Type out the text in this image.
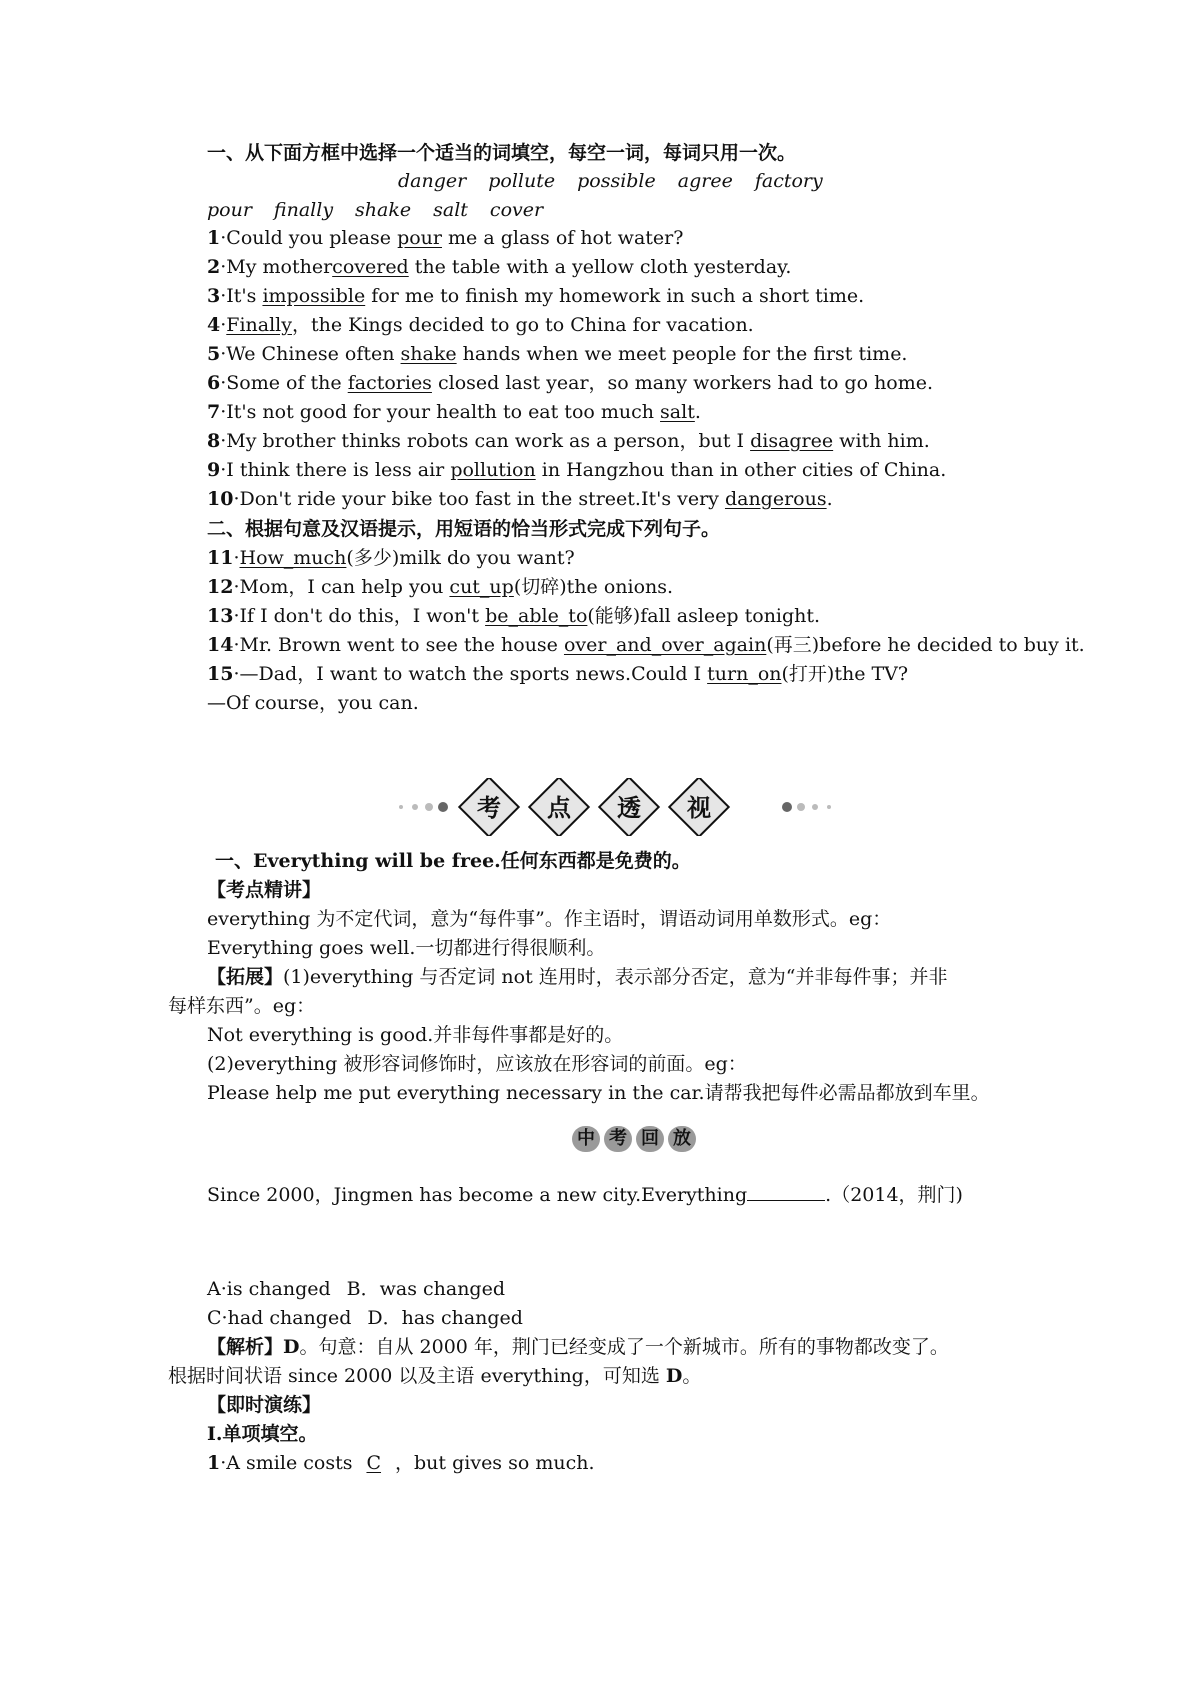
一、从下面方框中选择一个适当的词填空，每空一词，每词只用一次。
danger pollute possible agree factory
pour finally shake salt cover
1·Could you please pour me a glass of hot water?
2·My mothercovered the table with a yellow cloth yesterday.
3·It's impossible for me to finish my homework in such a short time.
4·Finally，the Kings decided to go to China for vacation.
5·We Chinese often shake hands when we meet people for the first time.
6·Some of the factories closed last year，so many workers had to go home.
7·It's not good for your health to eat too much salt.
8·My brother thinks robots can work as a person，but I disagree with him.
9·I think there is less air pollution in Hangzhou than in other cities of China.
10·Don't ride your bike too fast in the street.It's very dangerous.
二、根据句意及汉语提示，用短语的恰当形式完成下列句子。
11·How_much(多少)milk do you want?
12·Mom，I can help you cut_up(切碎)the onions.
13·If I don't do this，I won't be_able_to(能够)fall asleep tonight.
14·Mr. Brown went to see the house over_and_over_again(再三)before he decided to buy it.
15·—Dad，I want to watch the sports news.Could I turn_on(打开)the TV?
—Of course，you can.
考 点 透 视
一、Everything will be free.任何东西都是免费的。
【考点精讲】
everything 为不定代词，意为“每件事”。作主语时，谓语动词用单数形式。eg：
Everything goes well.一切都进行得很顺利。
【拓展】(1)everything 与否定词 not 连用时，表示部分否定，意为“并非每件事；并非
每样东西”。eg：
Not everything is good.并非每件事都是好的。
(2)everything 被形容词修饰时，应该放在形容词的前面。eg：
Please help me put everything necessary in the car.请帮我把每件必需品都放到车里。
中 考 回 放
Since 2000，Jingmen has become a new city.Everything	.（2014，荆门)
A·is changed B．was changed
C·had changed D．has changed
【解析】D。句意：自从 2000 年，荆门已经变成了一个新城市。所有的事物都改变了。
根据时间状语 since 2000 以及主语 everything，可知选 D。
【即时演练】
Ⅰ.单项填空。
1·A smile costs C ，but gives so much.
